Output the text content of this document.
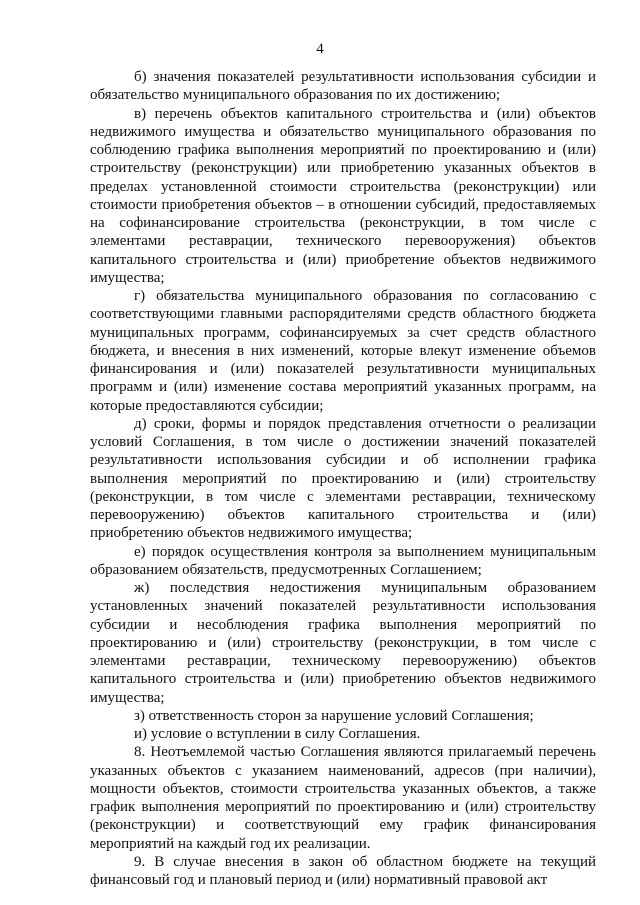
4

б) значения показателей результативности использования субсидии и обязательство муниципального образования по их достижению;

в) перечень объектов капитального строительства и (или) объектов недвижимого имущества и обязательство муниципального образования по соблюдению графика выполнения мероприятий по проектированию и (или) строительству (реконструкции) или приобретению указанных объектов в пределах установленной стоимости строительства (реконструкции) или стоимости приобретения объектов – в отношении субсидий, предоставляемых на софинансирование строительства (реконструкции, в том числе с элементами реставрации, технического перевооружения) объектов капитального строительства и (или) приобретение объектов недвижимого имущества;

г) обязательства муниципального образования по согласованию с соответствующими главными распорядителями средств областного бюджета муниципальных программ, софинансируемых за счет средств областного бюджета, и внесения в них изменений, которые влекут изменение объемов финансирования и (или) показателей результативности муниципальных программ и (или) изменение состава мероприятий указанных программ, на которые предоставляются субсидии;

д) сроки, формы и порядок представления отчетности о реализации условий Соглашения, в том числе о достижении значений показателей результативности использования субсидии и об исполнении графика выполнения мероприятий по проектированию и (или) строительству (реконструкции, в том числе с элементами реставрации, техническому перевооружению) объектов капитального строительства и (или) приобретению объектов недвижимого имущества;

е) порядок осуществления контроля за выполнением муниципальным образованием обязательств, предусмотренных Соглашением;

ж) последствия недостижения муниципальным образованием установленных значений показателей результативности использования субсидии и несоблюдения графика выполнения мероприятий по проектированию и (или) строительству (реконструкции, в том числе с элементами реставрации, техническому перевооружению) объектов капитального строительства и (или) приобретению объектов недвижимого имущества;

з) ответственность сторон за нарушение условий Соглашения;

и) условие о вступлении в силу Соглашения.

8. Неотъемлемой частью Соглашения являются прилагаемый перечень указанных объектов с указанием наименований, адресов (при наличии), мощности объектов, стоимости строительства указанных объектов, а также график выполнения мероприятий по проектированию и (или) строительству (реконструкции) и соответствующий ему график финансирования мероприятий на каждый год их реализации.

9. В случае внесения в закон об областном бюджете на текущий финансовый год и плановый период и (или) нормативный правовой акт
